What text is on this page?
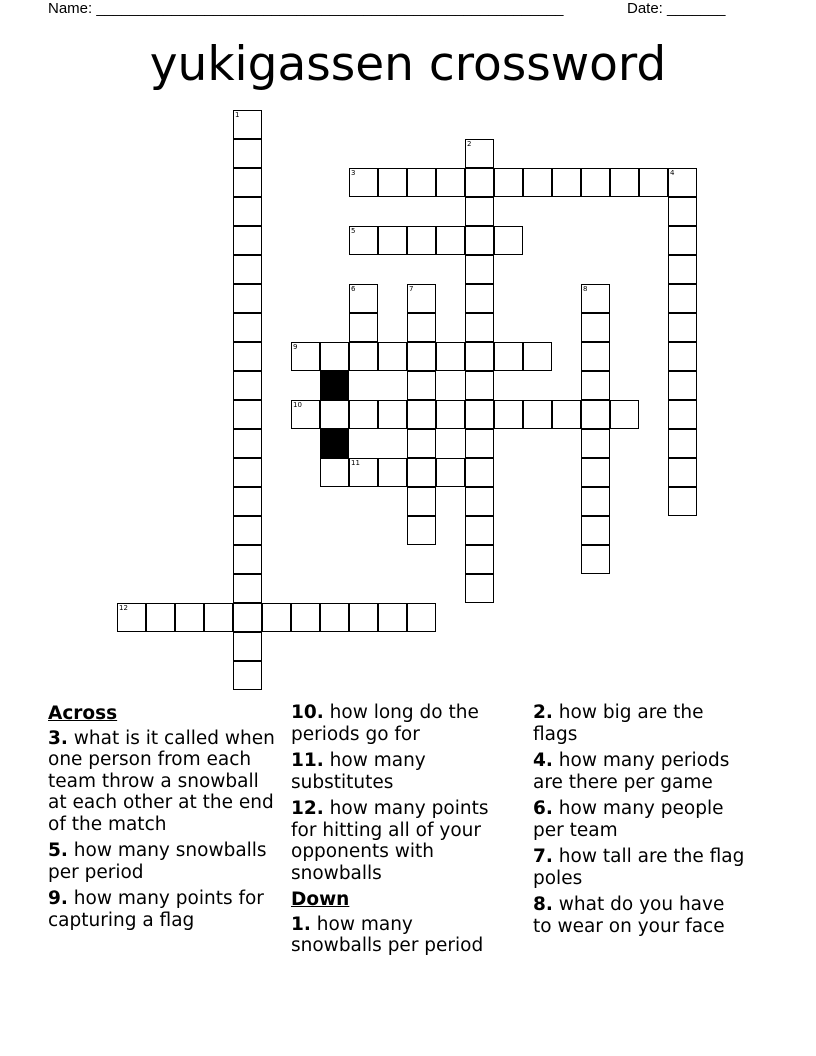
Name: ________________________________________________________	Date: _______
yukigassen crossword
1
2
3	4
5
6	7	8
9
10
11
12
Across
3. what is it called when one person from each team throw a snowball at each other at the end of the match
5. how many snowballs per period
9. how many points for capturing a flag
10. how long do the periods go for
11. how many substitutes
12. how many points for hitting all of your opponents with snowballs
Down
1. how many snowballs per period
2. how big are the flags
4. how many periods are there per game
6. how many people per team
7. how tall are the flag poles
8. what do you have to wear on your face
